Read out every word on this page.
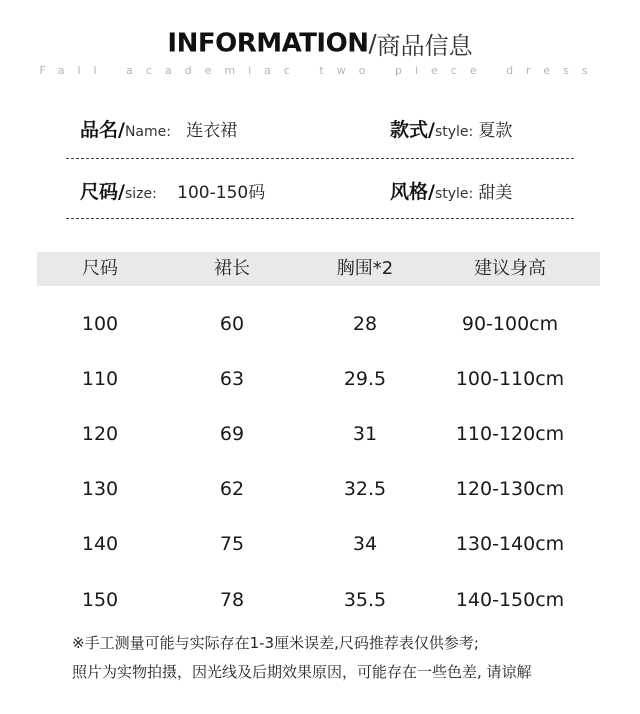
INFORMATION/商品信息
Fall academiac two piece dress
品名/Name: 连衣裙	款式/style: 夏款
尺码/size: 100-150码	风格/style: 甜美
尺码	裙长	胸围*2	建议身高
100	60	28	90-100cm
110	63	29.5	100-110cm
120	69	31	110-120cm
130	62	32.5	120-130cm
140	75	34	130-140cm
150	78	35.5	140-150cm
※手工测量可能与实际存在1-3厘米误差,尺码推荐表仅供参考;
照片为实物拍摄，因光线及后期效果原因，可能存在一些色差, 请谅解
